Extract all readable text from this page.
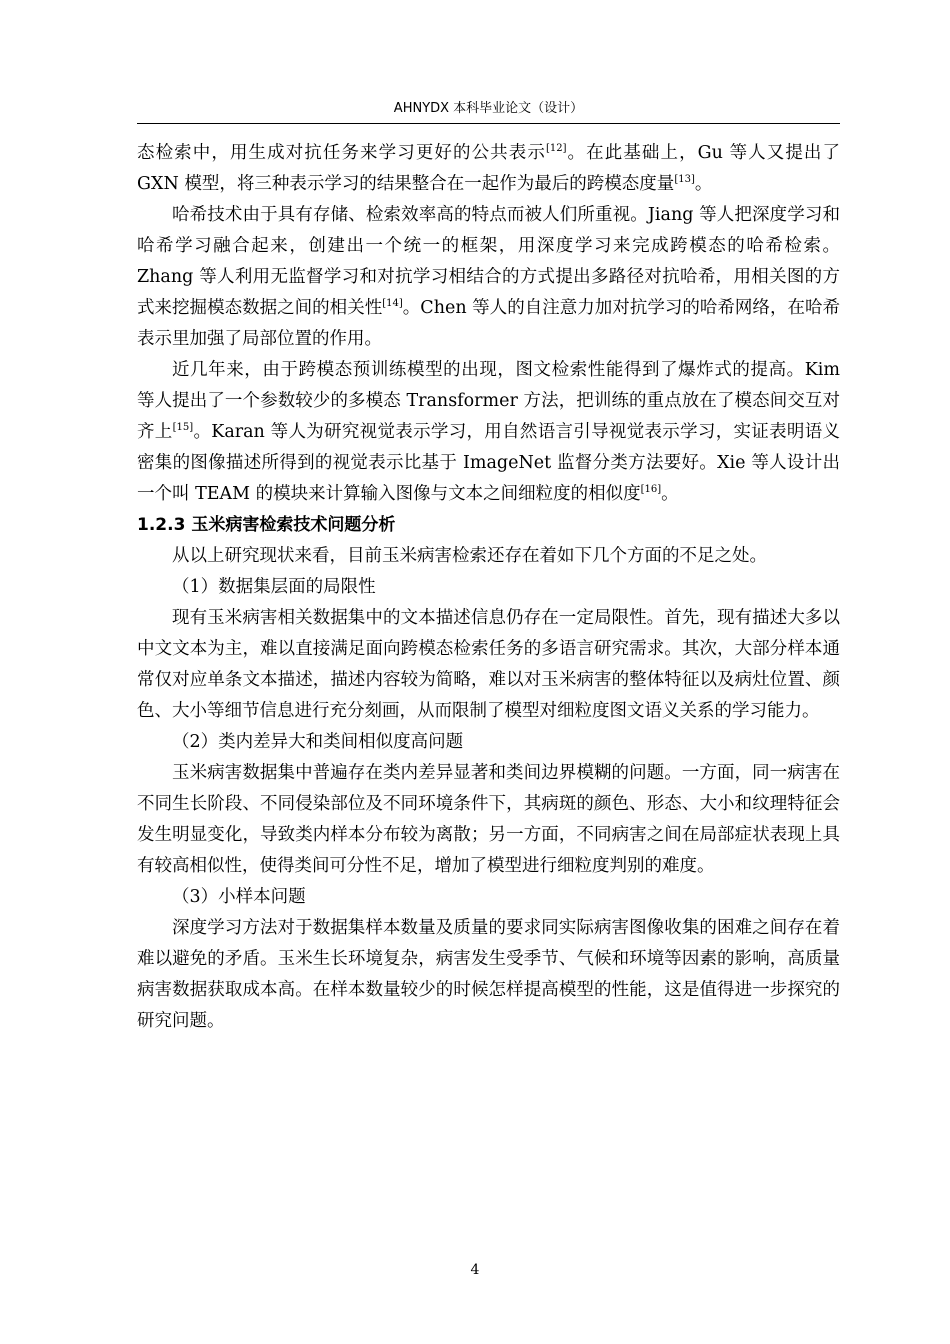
AHNYDX 本科毕业论文（设计）

态检索中，用生成对抗任务来学习更好的公共表示[12]。在此基础上，Gu 等人又提出了 GXN 模型，将三种表示学习的结果整合在一起作为最后的跨模态度量[13]。

哈希技术由于具有存储、检索效率高的特点而被人们所重视。Jiang 等人把深度学习和哈希学习融合起来，创建出一个统一的框架，用深度学习来完成跨模态的哈希检索。Zhang 等人利用无监督学习和对抗学习相结合的方式提出多路径对抗哈希，用相关图的方式来挖掘模态数据之间的相关性[14]。Chen 等人的自注意力加对抗学习的哈希网络，在哈希表示里加强了局部位置的作用。

近几年来，由于跨模态预训练模型的出现，图文检索性能得到了爆炸式的提高。Kim 等人提出了一个参数较少的多模态 Transformer 方法，把训练的重点放在了模态间交互对齐上[15]。Karan 等人为研究视觉表示学习，用自然语言引导视觉表示学习，实证表明语义密集的图像描述所得到的视觉表示比基于 ImageNet 监督分类方法要好。Xie 等人设计出一个叫 TEAM 的模块来计算输入图像与文本之间细粒度的相似度[16]。

1.2.3 玉米病害检索技术问题分析

从以上研究现状来看，目前玉米病害检索还存在着如下几个方面的不足之处。

（1）数据集层面的局限性

现有玉米病害相关数据集中的文本描述信息仍存在一定局限性。首先，现有描述大多以中文文本为主，难以直接满足面向跨模态检索任务的多语言研究需求。其次，大部分样本通常仅对应单条文本描述，描述内容较为简略，难以对玉米病害的整体特征以及病灶位置、颜色、大小等细节信息进行充分刻画，从而限制了模型对细粒度图文语义关系的学习能力。

（2）类内差异大和类间相似度高问题

玉米病害数据集中普遍存在类内差异显著和类间边界模糊的问题。一方面，同一病害在不同生长阶段、不同侵染部位及不同环境条件下，其病斑的颜色、形态、大小和纹理特征会发生明显变化，导致类内样本分布较为离散；另一方面，不同病害之间在局部症状表现上具有较高相似性，使得类间可分性不足，增加了模型进行细粒度判别的难度。

（3）小样本问题

深度学习方法对于数据集样本数量及质量的要求同实际病害图像收集的困难之间存在着难以避免的矛盾。玉米生长环境复杂，病害发生受季节、气候和环境等因素的影响，高质量病害数据获取成本高。在样本数量较少的时候怎样提高模型的性能，这是值得进一步探究的研究问题。

4
